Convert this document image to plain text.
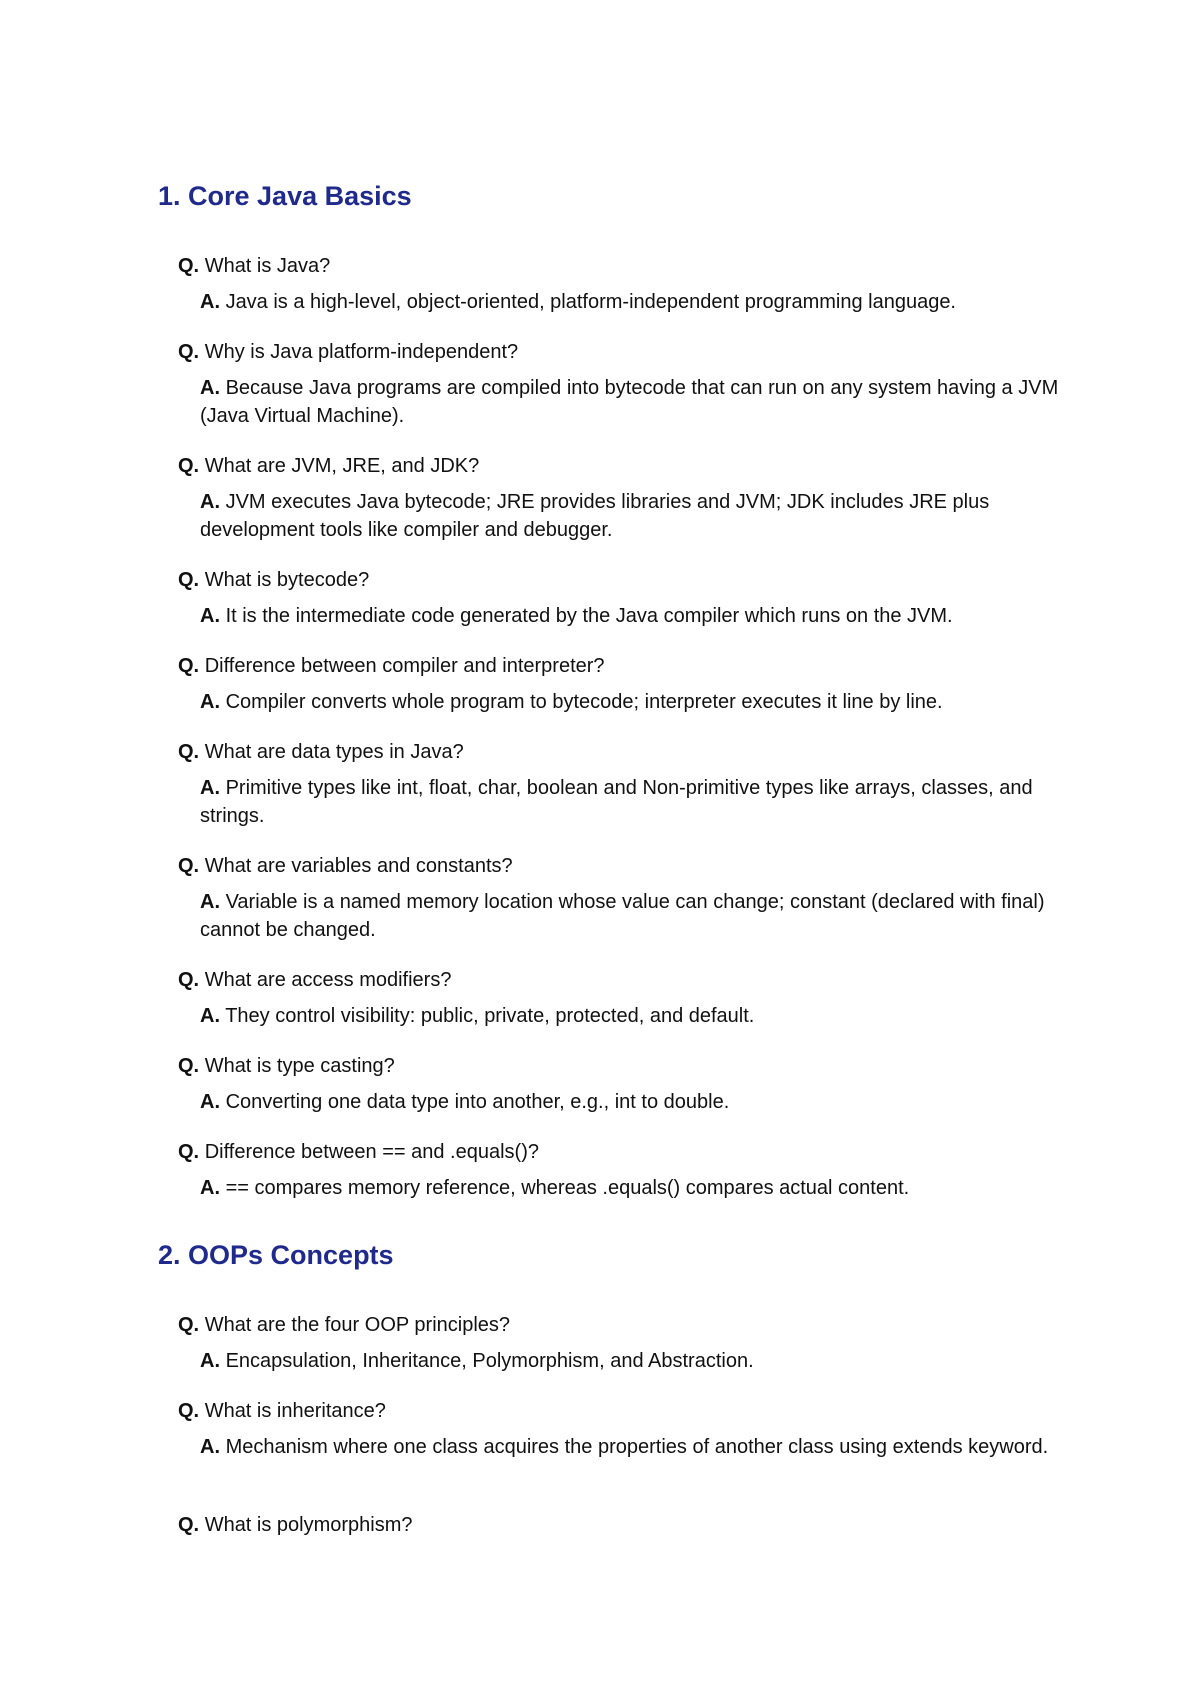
1. Core Java Basics

Q. What is Java?

A. Java is a high-level, object-oriented, platform-independent programming language.

Q. Why is Java platform-independent?

A. Because Java programs are compiled into bytecode that can run on any system having a JVM (Java Virtual Machine).

Q. What are JVM, JRE, and JDK?

A. JVM executes Java bytecode; JRE provides libraries and JVM; JDK includes JRE plus development tools like compiler and debugger.

Q. What is bytecode?

A. It is the intermediate code generated by the Java compiler which runs on the JVM.

Q. Difference between compiler and interpreter?

A. Compiler converts whole program to bytecode; interpreter executes it line by line.

Q. What are data types in Java?

A. Primitive types like int, float, char, boolean and Non-primitive types like arrays, classes, and strings.

Q. What are variables and constants?

A. Variable is a named memory location whose value can change; constant (declared with final) cannot be changed.

Q. What are access modifiers?

A. They control visibility: public, private, protected, and default.

Q. What is type casting?

A. Converting one data type into another, e.g., int to double.

Q. Difference between == and .equals()?

A. == compares memory reference, whereas .equals() compares actual content.

2. OOPs Concepts

Q. What are the four OOP principles?

A. Encapsulation, Inheritance, Polymorphism, and Abstraction.

Q. What is inheritance?

A. Mechanism where one class acquires the properties of another class using extends keyword.

Q. What is polymorphism?
